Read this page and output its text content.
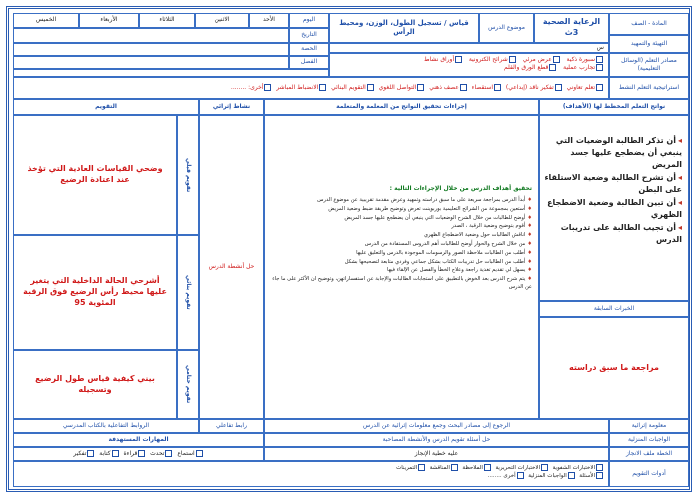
المادة - الصف
الرعاية الصحية 3ث
موضوع الدرس
قياس / تسجيل الطول، الوزن، ومحيط الرأس
اليوم
الأحد
الاثنين
الثلاثاء
الأربعاء
الخميس
التاريخ
الحصة
الفصل
التهيئة والتمهيد
س
مصادر التعلم (الوسائل التعليمية)
سبورة ذكية   عرض مرئي   شرائح الكترونية   أوراق نشاط
تجارب عملية   قطع الورق والقلم
استراتيجية التعلم النشط
تعلم تعاوني  تفكير ناقد (إبداعي)  استقصاء  عصف ذهني  التواصل اللغوي  التقويم البنائي  الانضباط المباشر  أخرى: ........
نواتج التعلم المخطط لها (الأهداف)
إجراءات تحقيق النواتج من المعلمة والمتعلمة
نشاط إثرائي
التقويم
◂أن تذكر الطالبة الوضعيات التي ينبغي أن يضطجع عليها جسد المريض
◂أن تشرح الطالبة وضعية الاستلقاء على البطن
◂أن تبين الطالبة وضعية الاضطجاع الظهري
◂أن تجيب الطالبة على تدريبات الدرس
الخبرات السابقة
مراجعة ما سبق دراسته
تحقيق أهداف الدرس من خلال الإجراءات التالية :
♦أبدأ الدرس بمراجعة سريعة على ما سبق دراسته وتمهيد وعرض مقدمة تقريبية عن موضوع الدرس
♦أستعين بمجموعة من الشرائح التعليمية بوربوينت تعرض وتوضيح طريقة ضبط وضعية المريض
♦أوضح للطالبات من خلال الشرح الوضعيات التي ينبغي أن يضطجع عليها جسد المريض
♦أقوم بتوضيح وضعية الرقبة ، الصدر
♦اناقش الطالبات حول وضعية الاضطجاع الظهري
♦من خلال الشرح والحوار أوضح للطالبات أهم الدروس المستفادة من الدرس
♦أطلب من الطالبات ملاحظة الصور والرسومات الموجودة بالدرس والتعليق عليها
♦أطلب من الطالبات حل تدريبات الكتاب بشكل جماعي وفردي متابعة لتصحيحها بشكل
♦يسهل لي تقديم تغذية راجعة وعلاج الخطأ والفصل عن الإلقاء فيها
♦يتم شرح الدرس بعد الخوض بالتطبيق على استجابات الطالبات والإجابة عن استفساراتهن، وتوضيح ان الأكثر على ما جاء عن الدرس
حل أنشطة الدرس
تقويم قبلي
وضحي القياسات العادية التي تؤخذ عند اعتادة الرضيع
تقويم بنائي
أشرحي الحالة الداخلية التي يتغير عليها محيط رأس الرضيع فوق الرقبة المئوية 95
تقويم ختامي
بيني كيفية قياس طول الرضيع وتسجيله
معلومة إثرائية
الرجوع إلى مصادر البحث وجمع معلومات إثرائية عن الدرس
رابط تفاعلي
الروابط التفاعلية بالكتاب المدرسي
الواجبات المنزلية
حل أسئلة تقويم الدرس والأنشطة المصاحبة
المهارات المستهدفة
الخطة ملف الانجاز
عليه خطية الإنجاز
استماع

تحدث

قراءة

كتابة

تفكير
أدوات التقويم
الاختبارات الشفوية  الاختبارات التحريرية  الملاحظة  المناقشة  التمرينات
الأسئلة  الواجبات المنزلية  أخرى ........
